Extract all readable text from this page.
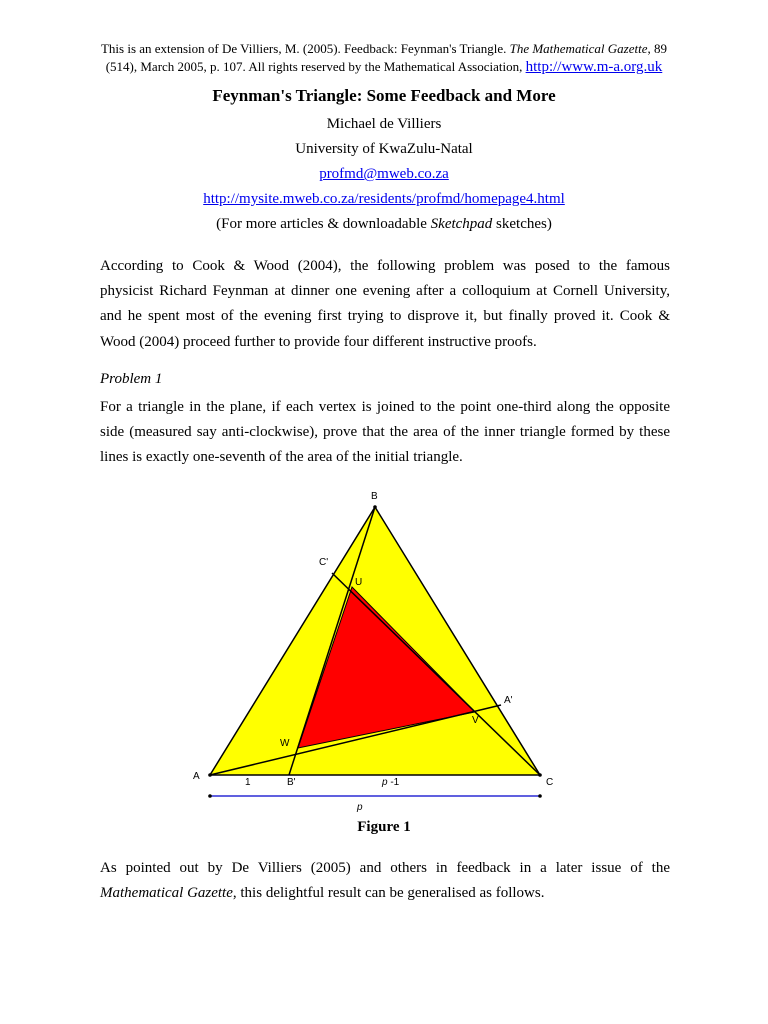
This is an extension of De Villiers, M. (2005). Feedback: Feynman's Triangle. The Mathematical Gazette, 89
(514), March 2005, p. 107. All rights reserved by the Mathematical Association, http://www.m-a.org.uk
Feynman's Triangle: Some Feedback and More
Michael de Villiers
University of KwaZulu-Natal
profmd@mweb.co.za
http://mysite.mweb.co.za/residents/profmd/homepage4.html
(For more articles & downloadable Sketchpad sketches)
According to Cook & Wood (2004), the following problem was posed to the famous
physicist Richard Feynman at dinner one evening after a colloquium at Cornell University,
and he spent most of the evening first trying to disprove it, but finally proved it. Cook &
Wood (2004) proceed further to provide four different instructive proofs.
Problem 1
For a triangle in the plane, if each vertex is joined to the point one-third along the opposite
side (measured say anti-clockwise), prove that the area of the inner triangle formed by these
lines is exactly one-seventh of the area of the initial triangle.
B
A
C
C'
U
A'
V
W
B'
1	p -1
p
Figure 1
As pointed out by De Villiers (2005) and others in feedback in a later issue of the
Mathematical Gazette, this delightful result can be generalised as follows.
